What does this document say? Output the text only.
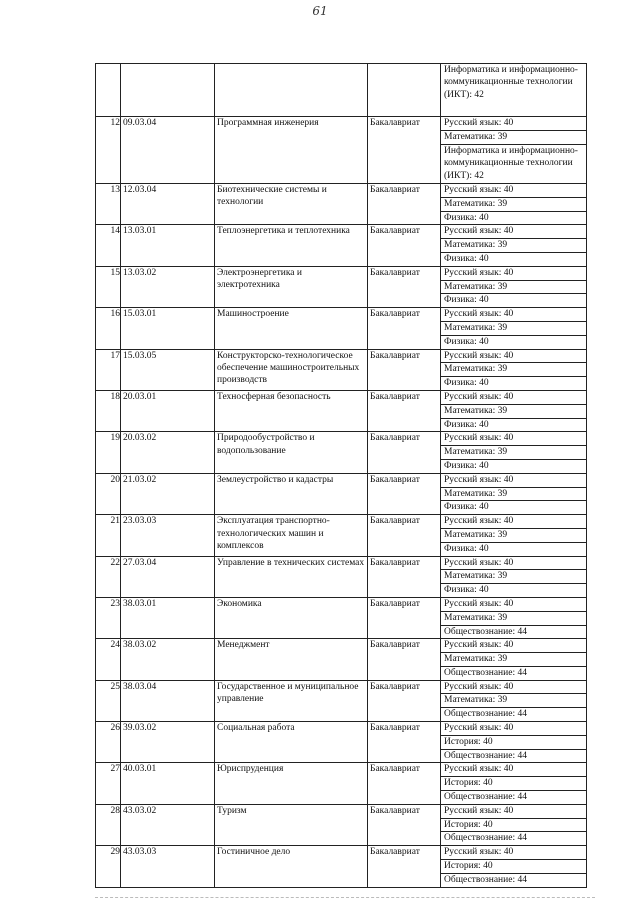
61
				Информатика и информационно-коммуникационные технологии (ИКТ): 42
12	09.03.04	Программная инженерия	Бакалавриат	Русский язык: 40
				Математика: 39
				Информатика и информационно-коммуникационные технологии (ИКТ): 42
13	12.03.04	Биотехнические системы и технологии	Бакалавриат	Русский язык: 40
				Математика: 39
				Физика: 40
14	13.03.01	Теплоэнергетика и теплотехника	Бакалавриат	Русский язык: 40
				Математика: 39
				Физика: 40
15	13.03.02	Электроэнергетика и электротехника	Бакалавриат	Русский язык: 40
				Математика: 39
				Физика: 40
16	15.03.01	Машиностроение	Бакалавриат	Русский язык: 40
				Математика: 39
				Физика: 40
17	15.03.05	Конструкторско-технологическое обеспечение машиностроительных производств	Бакалавриат	Русский язык: 40
				Математика: 39
				Физика: 40
18	20.03.01	Техносферная безопасность	Бакалавриат	Русский язык: 40
				Математика: 39
				Физика: 40
19	20.03.02	Природообустройство и водопользование	Бакалавриат	Русский язык: 40
				Математика: 39
				Физика: 40
20	21.03.02	Землеустройство и кадастры	Бакалавриат	Русский язык: 40
				Математика: 39
				Физика: 40
21	23.03.03	Эксплуатация транспортно-технологических машин и комплексов	Бакалавриат	Русский язык: 40
				Математика: 39
				Физика: 40
22	27.03.04	Управление в технических системах	Бакалавриат	Русский язык: 40
				Математика: 39
				Физика: 40
23	38.03.01	Экономика	Бакалавриат	Русский язык: 40
				Математика: 39
				Обществознание: 44
24	38.03.02	Менеджмент	Бакалавриат	Русский язык: 40
				Математика: 39
				Обществознание: 44
25	38.03.04	Государственное и муниципальное управление	Бакалавриат	Русский язык: 40
				Математика: 39
				Обществознание: 44
26	39.03.02	Социальная работа	Бакалавриат	Русский язык: 40
				История: 40
				Обществознание: 44
27	40.03.01	Юриспруденция	Бакалавриат	Русский язык: 40
				История: 40
				Обществознание: 44
28	43.03.02	Туризм	Бакалавриат	Русский язык: 40
				История: 40
				Обществознание: 44
29	43.03.03	Гостиничное дело	Бакалавриат	Русский язык: 40
				История: 40
				Обществознание: 44
